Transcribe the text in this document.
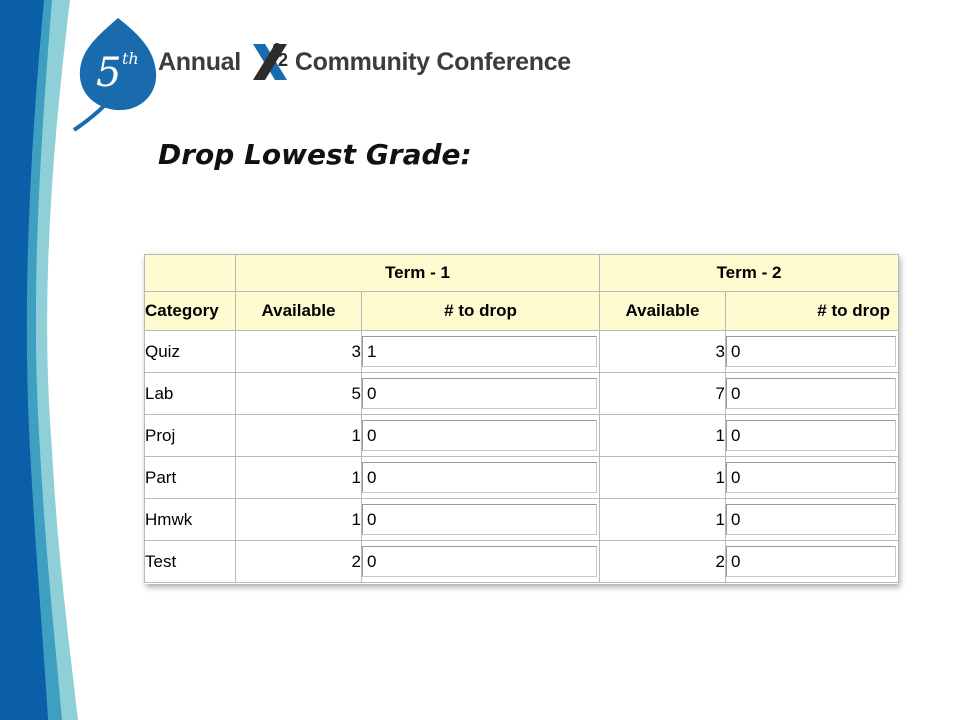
5 th Annual 2 Community Conference
Drop Lowest Grade:
	Term - 1		Term - 2	
Category	Available	# to drop	Available	# to drop
Quiz	3	1	3	0
Lab	5	0	7	0
Proj	1	0	1	0
Part	1	0	1	0
Hmwk	1	0	1	0
Test	2	0	2	0
